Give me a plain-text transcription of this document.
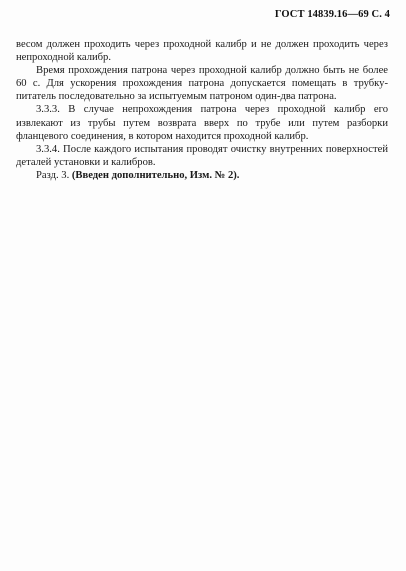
ГОСТ 14839.16—69 С. 4

весом должен проходить через проходной калибр и не должен проходить через непроходной калибр.

Время прохождения патрона через проходной калибр должно быть не более 60 с. Для ускорения прохождения патрона допускается помещать в трубку-питатель последовательно за испытуемым патроном один-два патрона.

3.3.3. В случае непрохождения патрона через проходной калибр его извлекают из трубы путем возврата вверх по трубе или путем разборки фланцевого соединения, в котором находится проходной калибр.

3.3.4. После каждого испытания проводят очистку внутренних поверхностей деталей установки и калибров.

Разд. 3. (Введен дополнительно, Изм. № 2).
